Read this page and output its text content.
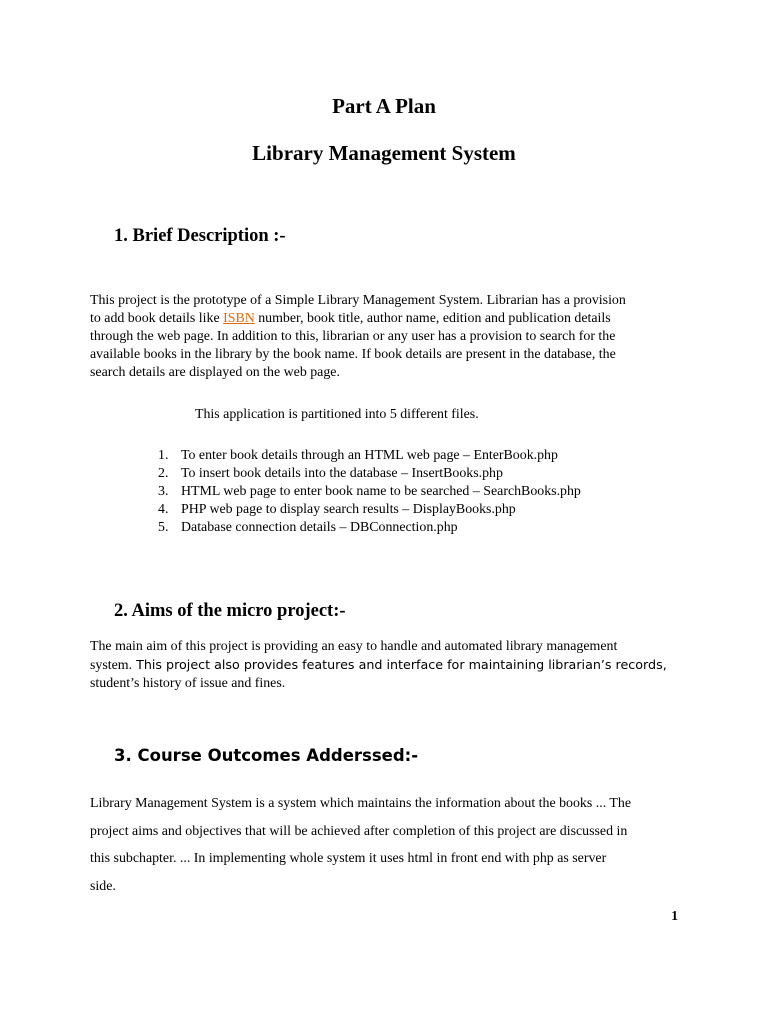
Part A Plan
Library Management System
1. Brief Description :-

This project is the prototype of a Simple Library Management System. Librarian has a provision
to add book details like ISBN number, book title, author name, edition and publication details
through the web page. In addition to this, librarian or any user has a provision to search for the
available books in the library by the book name. If book details are present in the database, the
search details are displayed on the web page.

This application is partitioned into 5 different files.

1. To enter book details through an HTML web page – EnterBook.php
2. To insert book details into the database – InsertBooks.php
3. HTML web page to enter book name to be searched – SearchBooks.php
4. PHP web page to display search results – DisplayBooks.php
5. Database connection details – DBConnection.php
2. Aims of the micro project:-

The main aim of this project is providing an easy to handle and automated library management
system. This project also provides features and interface for maintaining librarian’s records,
student’s history of issue and fines.

3. Course Outcomes Adderssed:-

Library Management System is a system which maintains the information about the books ... The
project aims and objectives that will be achieved after completion of this project are discussed in
this subchapter. ... In implementing whole system it uses html in front end with php as server
side.

1
